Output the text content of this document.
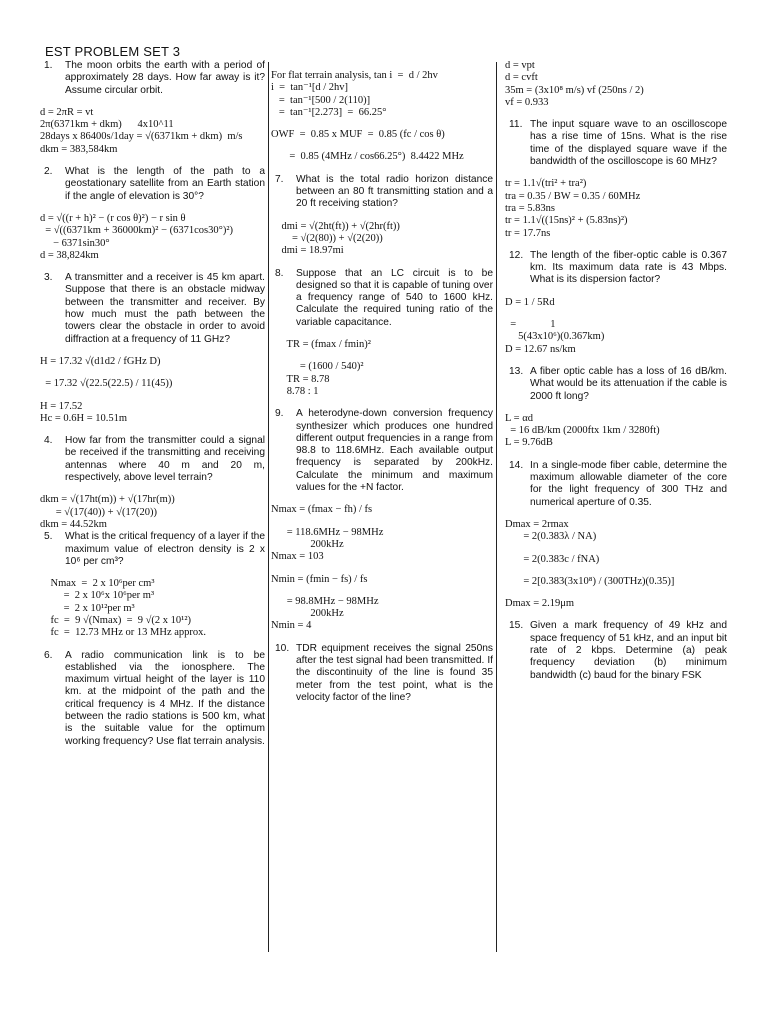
EST PROBLEM SET 3
1.	The moon orbits the earth with a period of approximately 28 days. How far away is it? Assume circular orbit.
d = 2πR = vt
2π(6371km + dkm)      4x10^11
28days x 86400s/1day = √(6371km + dkm)  m/s
dkm = 383,584km
2.	What is the length of the path to a geostationary satellite from an Earth station if the angle of elevation is 30°?
d = √((r + h)² − (r cos θ)²) − r sin θ
= √((6371km + 36000km)² − (6371cos30°)²)
− 6371sin30°
d = 38,824km
3.	A transmitter and a receiver is 45 km apart. Suppose that there is an obstacle midway between the transmitter and receiver. By how much must the path between the towers clear the obstacle in order to avoid diffraction at a frequency of 11 GHz?
H = 17.32 √(d1d2 / fGHz D)
= 17.32 √(22.5(22.5) / 11(45))
H = 17.52
Hc = 0.6H = 10.51m
4.	How far from the transmitter could a signal be received if the transmitting and receiving antennas where 40 m and 20 m, respectively, above level terrain?
dkm = √(17ht(m)) + √(17hr(m))
= √(17(40)) + √(17(20))
dkm = 44.52km
5.	What is the critical frequency of a layer if the maximum value of electron density is 2 x 10⁶ per cm³?
Nmax  =  2 x 10⁶per cm³
=  2 x 10⁶x 10⁶per m³
=  2 x 10¹²per m³
fc  =  9 √(Nmax)  =  9 √(2 x 10¹²)
fc  =  12.73 MHz or 13 MHz approx.
6.	A radio communication link is to be established via the ionosphere. The maximum virtual height of the layer is 110 km. at the midpoint of the path and the critical frequency is 4 MHz. If the distance between the radio stations is 500 km, what is the suitable value for the optimum working frequency? Use flat terrain analysis.
For flat terrain analysis, tan i  =  d / 2hv
i  =  tan⁻¹[d / 2hv]
=  tan⁻¹[500 / 2(110)]
=  tan⁻¹[2.273]  =  66.25°
OWF  =  0.85 x MUF  =  0.85 (fc / cos θ)
=  0.85 (4MHz / cos66.25°)  8.4422 MHz
7.	What is the total radio horizon distance between an 80 ft transmitting station and a 20 ft receiving station?
dmi = √(2ht(ft)) + √(2hr(ft))
= √(2(80)) + √(2(20))
dmi = 18.97mi
8.	Suppose that an LC circuit is to be designed so that it is capable of tuning over a frequency range of 540 to 1600 kHz. Calculate the required tuning ratio of the variable capacitance.
TR = (fmax / fmin)²
= (1600 / 540)²
TR = 8.78
8.78 : 1
9.	A heterodyne-down conversion frequency synthesizer which produces one hundred different output frequencies in a range from 98.8 to 118.6MHz. Each available output frequency is separated by 200kHz. Calculate the minimum and maximum values for the +N factor.
Nmax = (fmax − fh) / fs
= 118.6MHz − 98MHz
200kHz
Nmax = 103
Nmin = (fmin − fs) / fs
= 98.8MHz − 98MHz
200kHz
Nmin = 4
10. TDR equipment receives the signal 250ns after the test signal had been transmitted. If the discontinuity of the line is found 35 meter from the test point, what is the velocity factor of the line?
d = vpt
d = cvft
35m = (3x10⁸ m/s) vf (250ns / 2)
vf = 0.933
11. The input square wave to an oscilloscope has a rise time of 15ns. What is the rise time of the displayed square wave if the bandwidth of the oscilloscope is 60 MHz?
tr = 1.1√(tri² + tra²)
tra = 0.35 / BW = 0.35 / 60MHz
tra = 5.83ns
tr = 1.1√((15ns)² + (5.83ns)²)
tr = 17.7ns
12. The length of the fiber-optic cable is 0.367 km. Its maximum data rate is 43 Mbps. What is its dispersion factor?
D = 1 / 5Rd
=             1
5(43x10⁶)(0.367km)
D = 12.67 ns/km
13. A fiber optic cable has a loss of 16 dB/km. What would be its attenuation if the cable is 2000 ft long?
L = αd
= 16 dB/km (2000ftx 1km / 3280ft)
L = 9.76dB
14. In a single-mode fiber cable, determine the maximum allowable diameter of the core for the light frequency of 300 THz and numerical aperture of 0.35.
Dmax = 2rmax
= 2(0.383λ / NA)
= 2(0.383c / fNA)
= 2[0.383(3x10⁸) / (300THz)(0.35)]
Dmax = 2.19μm
15. Given a mark frequency of 49 kHz and space frequency of 51 kHz, and an input bit rate of 2 kbps. Determine (a) peak frequency deviation (b) minimum bandwidth (c) baud for the binary FSK
